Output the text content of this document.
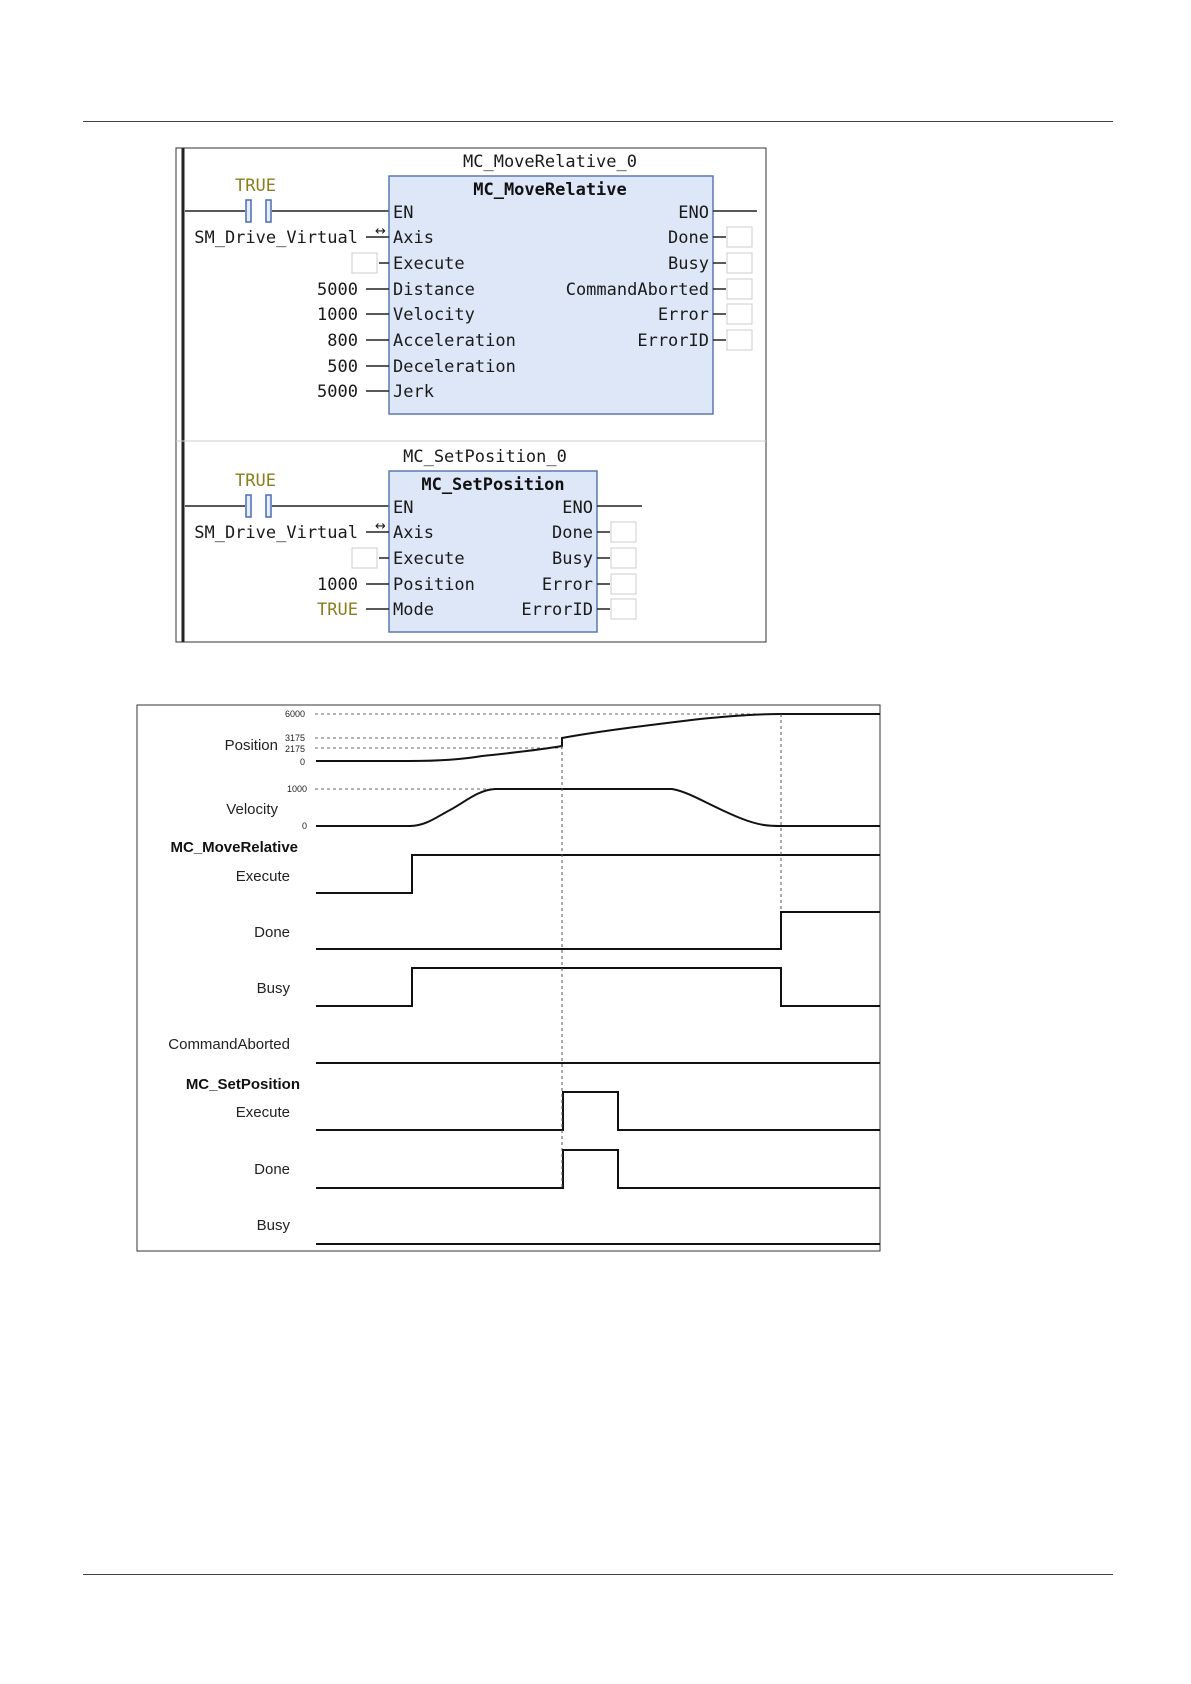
TRUE
MC_MoveRelative_0
MC_MoveRelative
EN
Axis
Execute
Distance
Velocity
Acceleration
Deceleration
Jerk
SM_Drive_Virtual ↔
5000
1000
800
500
5000
ENO
Done
Busy
CommandAborted
Error
ErrorID
TRUE
MC_SetPosition_0
MC_SetPosition
EN
Axis
Execute
Position
Mode
SM_Drive_Virtual ↔
1000
TRUE
ENO
Done
Busy
Error
ErrorID
Position
6000
3175
2175
0
Velocity
1000
0
MC_MoveRelative
Execute
Done
Busy
CommandAborted
MC_SetPosition
Execute
Done
Busy
